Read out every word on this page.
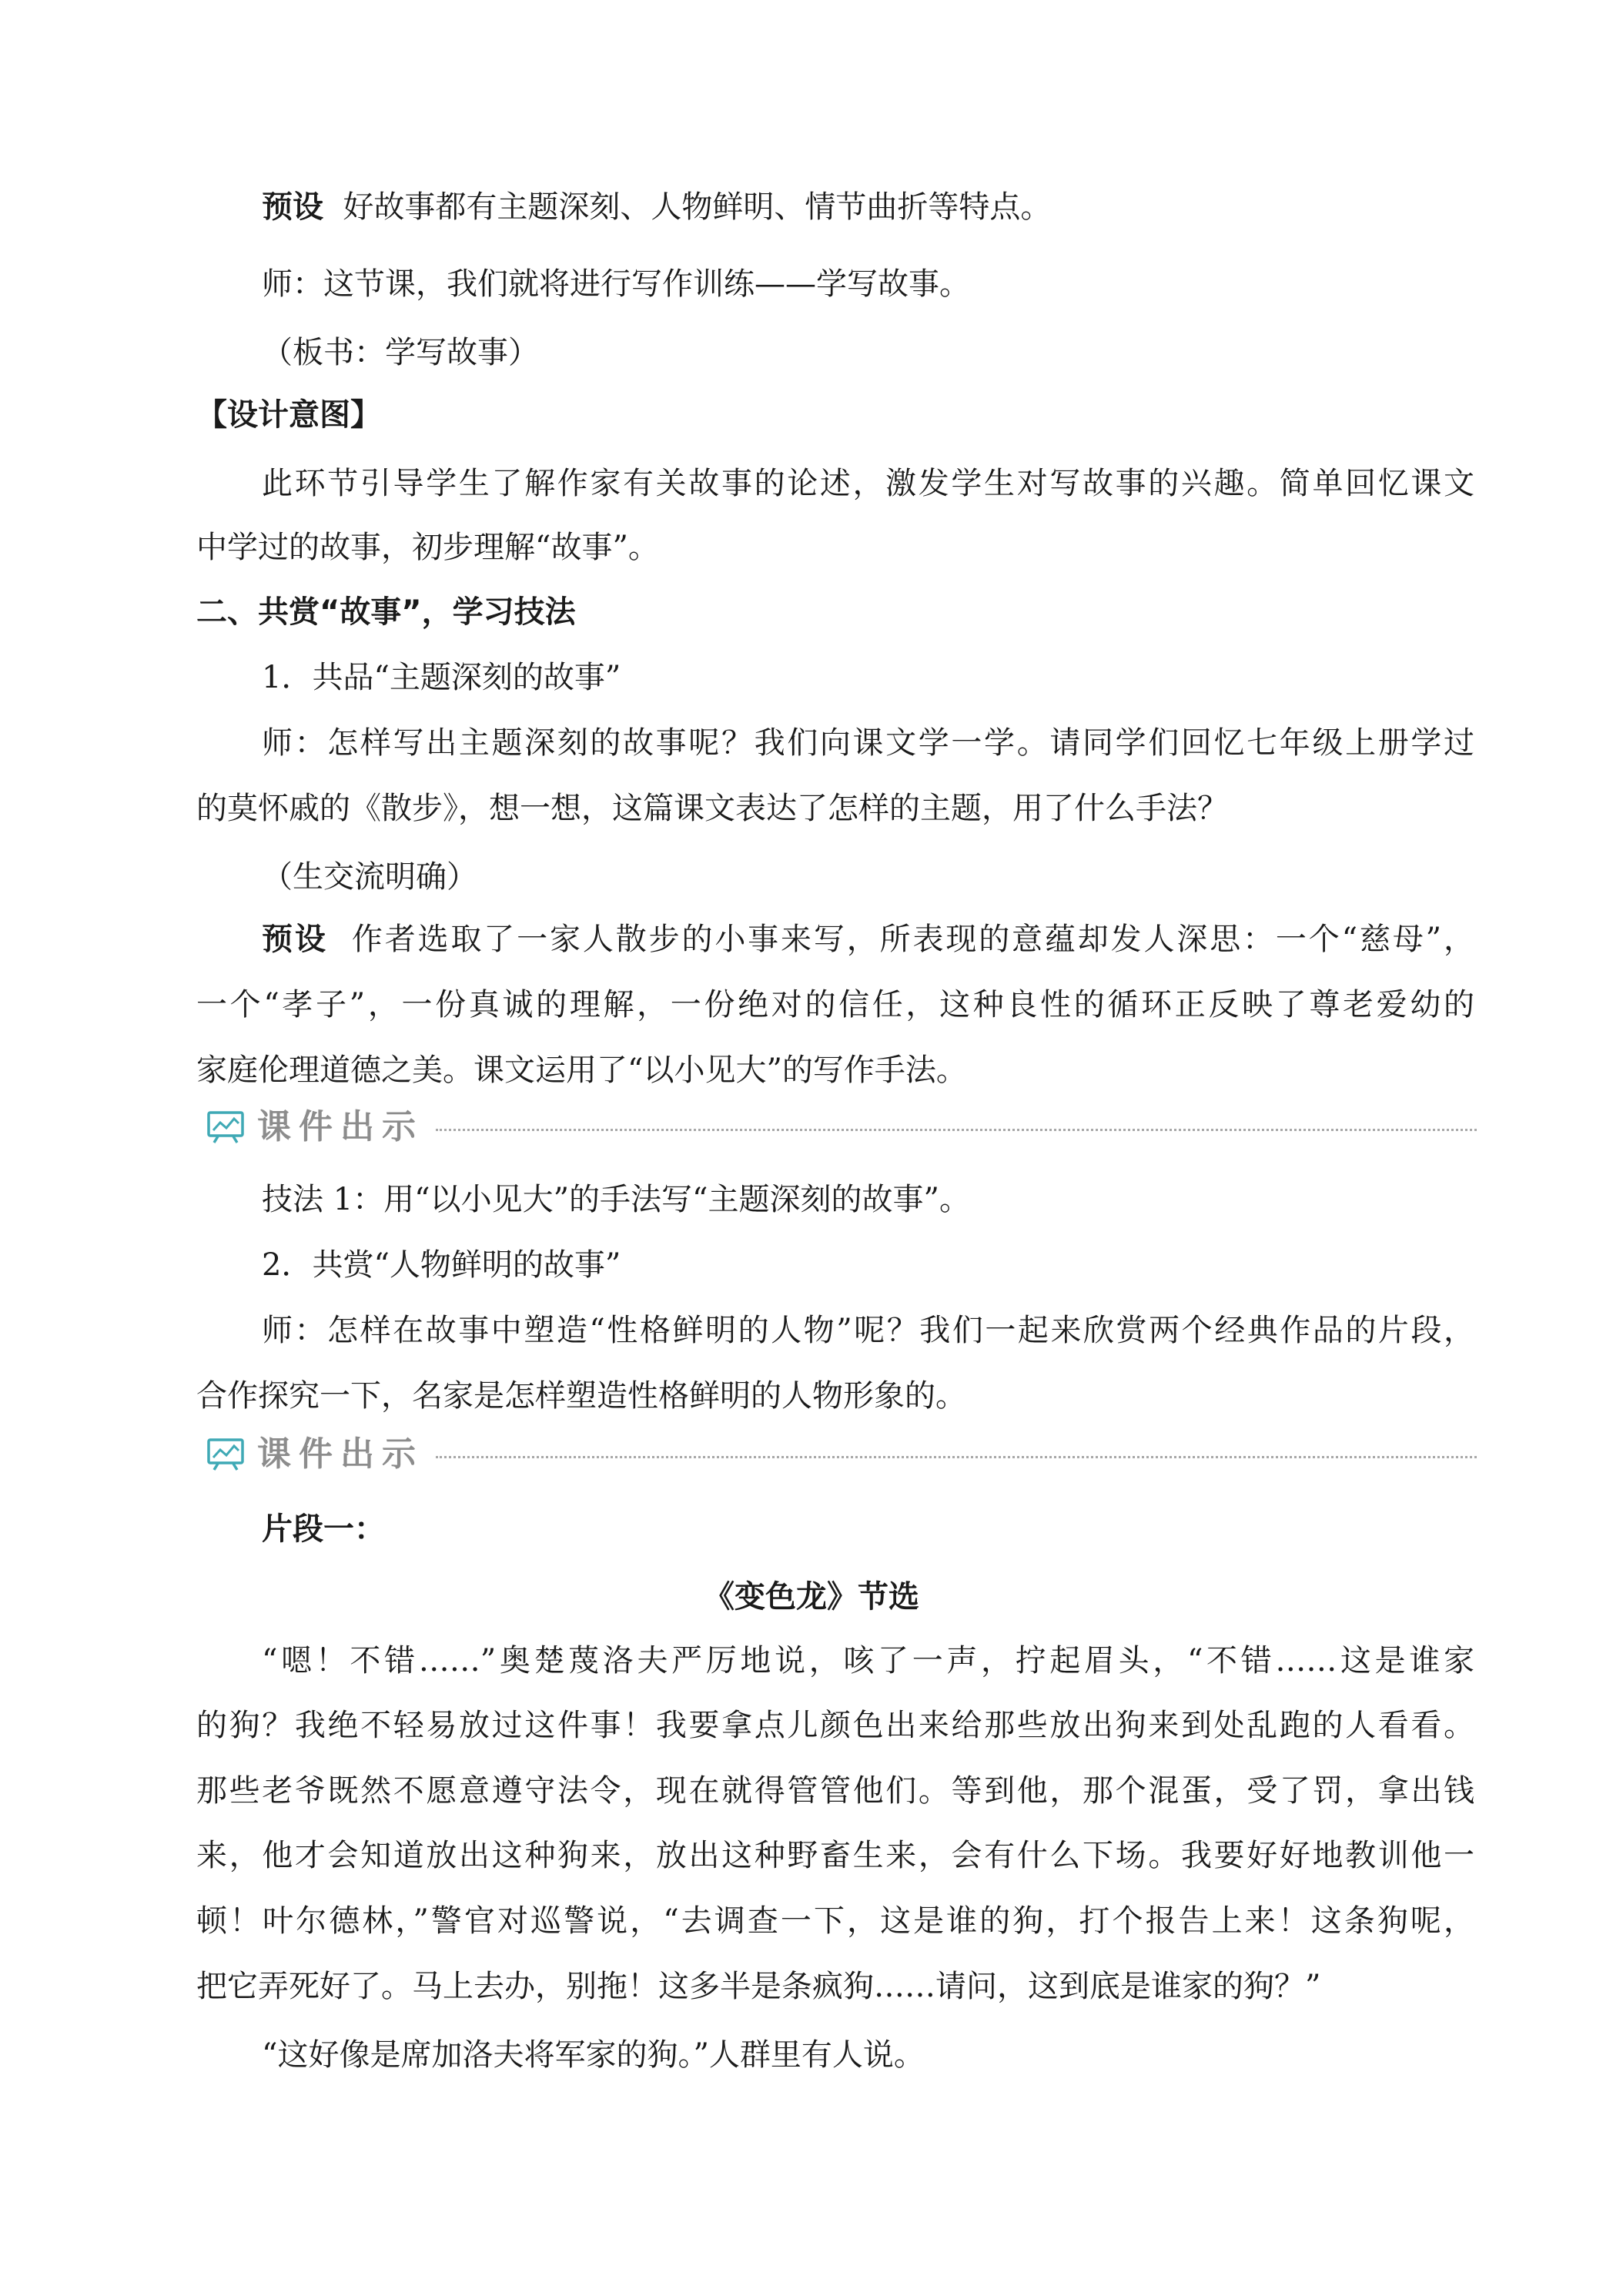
预设 好故事都有主题深刻、人物鲜明、情节曲折等特点。

师：这节课，我们就将进行写作训练——学写故事。

（板书：学写故事）

【设计意图】

此环节引导学生了解作家有关故事的论述，激发学生对写故事的兴趣。简单回忆课文

中学过的故事，初步理解“故事”。

二、共赏“故事”，学习技法

1．共品“主题深刻的故事”

师：怎样写出主题深刻的故事呢？我们向课文学一学。请同学们回忆七年级上册学过

的莫怀戚的《散步》，想一想，这篇课文表达了怎样的主题，用了什么手法？

（生交流明确）

预设 作者选取了一家人散步的小事来写，所表现的意蕴却发人深思：一个“慈母”，

一个“孝子”，一份真诚的理解，一份绝对的信任，这种良性的循环正反映了尊老爱幼的

家庭伦理道德之美。课文运用了“以小见大”的写作手法。

课件出示

技法 1：用“以小见大”的手法写“主题深刻的故事”。

2．共赏“人物鲜明的故事”

师：怎样在故事中塑造“性格鲜明的人物”呢？我们一起来欣赏两个经典作品的片段，

合作探究一下，名家是怎样塑造性格鲜明的人物形象的。

课件出示

片段一：

《变色龙》节选

“嗯！不错……”奥楚蔑洛夫严厉地说，咳了一声，拧起眉头，“不错……这是谁家

的狗？我绝不轻易放过这件事！我要拿点儿颜色出来给那些放出狗来到处乱跑的人看看。

那些老爷既然不愿意遵守法令，现在就得管管他们。等到他，那个混蛋，受了罚，拿出钱

来，他才会知道放出这种狗来，放出这种野畜生来，会有什么下场。我要好好地教训他一

顿！叶尔德林，”警官对巡警说，“去调查一下，这是谁的狗，打个报告上来！这条狗呢，

把它弄死好了。马上去办，别拖！这多半是条疯狗……请问，这到底是谁家的狗？”

“这好像是席加洛夫将军家的狗。”人群里有人说。
